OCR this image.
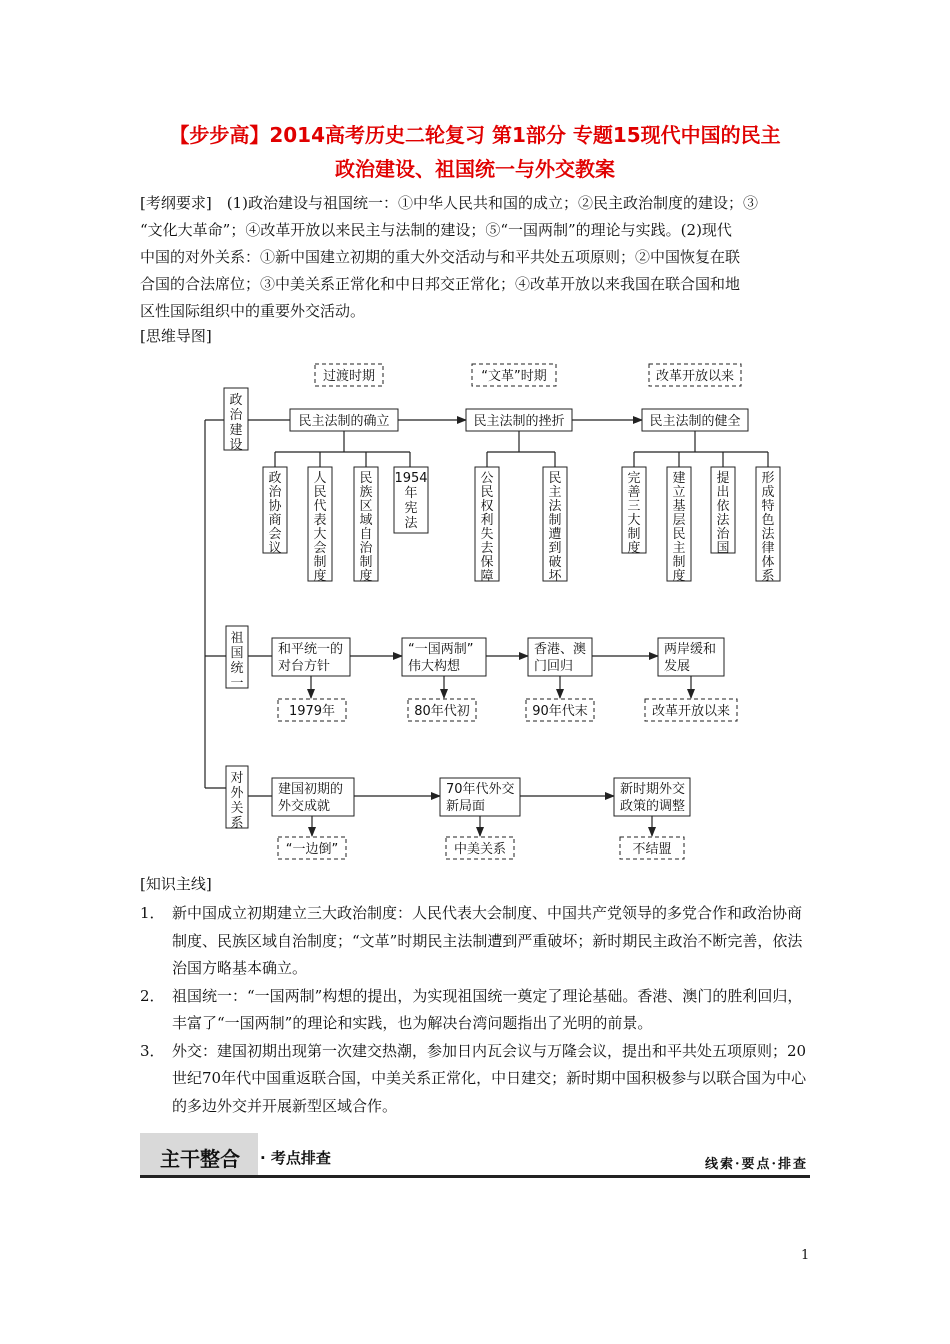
【步步高】2014高考历史二轮复习 第1部分 专题15现代中国的民主
政治建设、祖国统一与外交教案
[考纲要求]　(1)政治建设与祖国统一：①中华人民共和国的成立；②民主政治制度的建设；③
“文化大革命”；④改革开放以来民主与法制的建设；⑤“一国两制”的理论与实践。(2)现代
中国的对外关系：①新中国建立初期的重大外交活动与和平共处五项原则；②中国恢复在联
合国的合法席位；③中美关系正常化和中日邦交正常化；④改革开放以来我国在联合国和地
区性国际组织中的重要外交活动。
[思维导图]
过渡时期	“文革”时期	改革开放以来
政
治
建
设
祖
国
统
一
对
外
关
系
民主法制的确立	民主法制的挫折	民主法制的健全
政
治
协
商
会
议
人
民
代
表
大
会
制
度
民
族
区
域
自
治
制
度
1954
年
宪
法
公
民
权
利
失
去
保
障
民
主
法
制
遭
到
破
坏
完
善
三
大
制
度
建
立
基
层
民
主
制
度
提
出
依
法
治
国
形
成
特
色
法
律
体
系
和平统一的
对台方针
“一国两制”
伟大构想
香港、澳
门回归
两岸缓和
发展
1979年	80年代初	90年代末	改革开放以来
建国初期的
外交成就
70年代外交
新局面
新时期外交
政策的调整
“一边倒”	中美关系	不结盟
[知识主线]
1． 新中国成立初期建立三大政治制度：人民代表大会制度、中国共产党领导的多党合作和政治协商制度、民族区域自治制度；“文革”时期民主法制遭到严重破坏；新时期民主政治不断完善，依法治国方略基本确立。
2． 祖国统一：“一国两制”构想的提出，为实现祖国统一奠定了理论基础。香港、澳门的胜利回归，丰富了“一国两制”的理论和实践，也为解决台湾问题指出了光明的前景。
3． 外交：建国初期出现第一次建交热潮，参加日内瓦会议与万隆会议，提出和平共处五项原则；20世纪70年代中国重返联合国，中美关系正常化，中日建交；新时期中国积极参与以联合国为中心的多边外交并开展新型区域合作。
主干整合 · 考点排查	线索·要点·排查
1
